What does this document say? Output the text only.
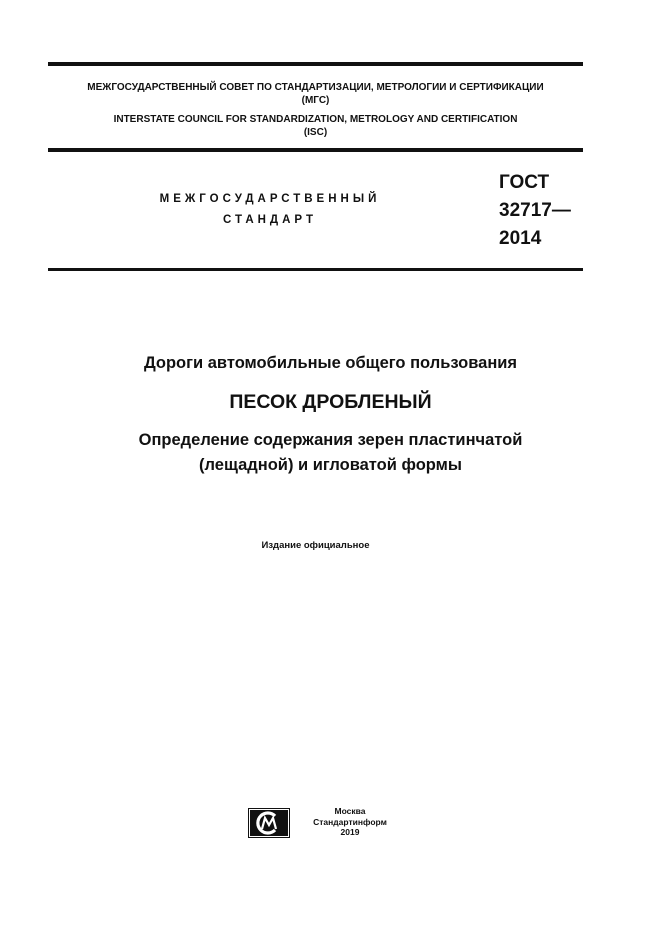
МЕЖГОСУДАРСТВЕННЫЙ СОВЕТ ПО СТАНДАРТИЗАЦИИ, МЕТРОЛОГИИ И СЕРТИФИКАЦИИ

(МГС)

INTERSTATE COUNCIL FOR STANDARDIZATION, METROLOGY AND CERTIFICATION

(ISC)

МЕЖГОСУДАРСТВЕННЫЙ

СТАНДАРТ

ГОСТ
32717—
2014

Дороги автомобильные общего пользования

ПЕСОК ДРОБЛЕНЫЙ

Определение содержания зерен пластинчатой
(лещадной) и игловатой формы

Издание официальное

Москва
Стандартинформ
2019
